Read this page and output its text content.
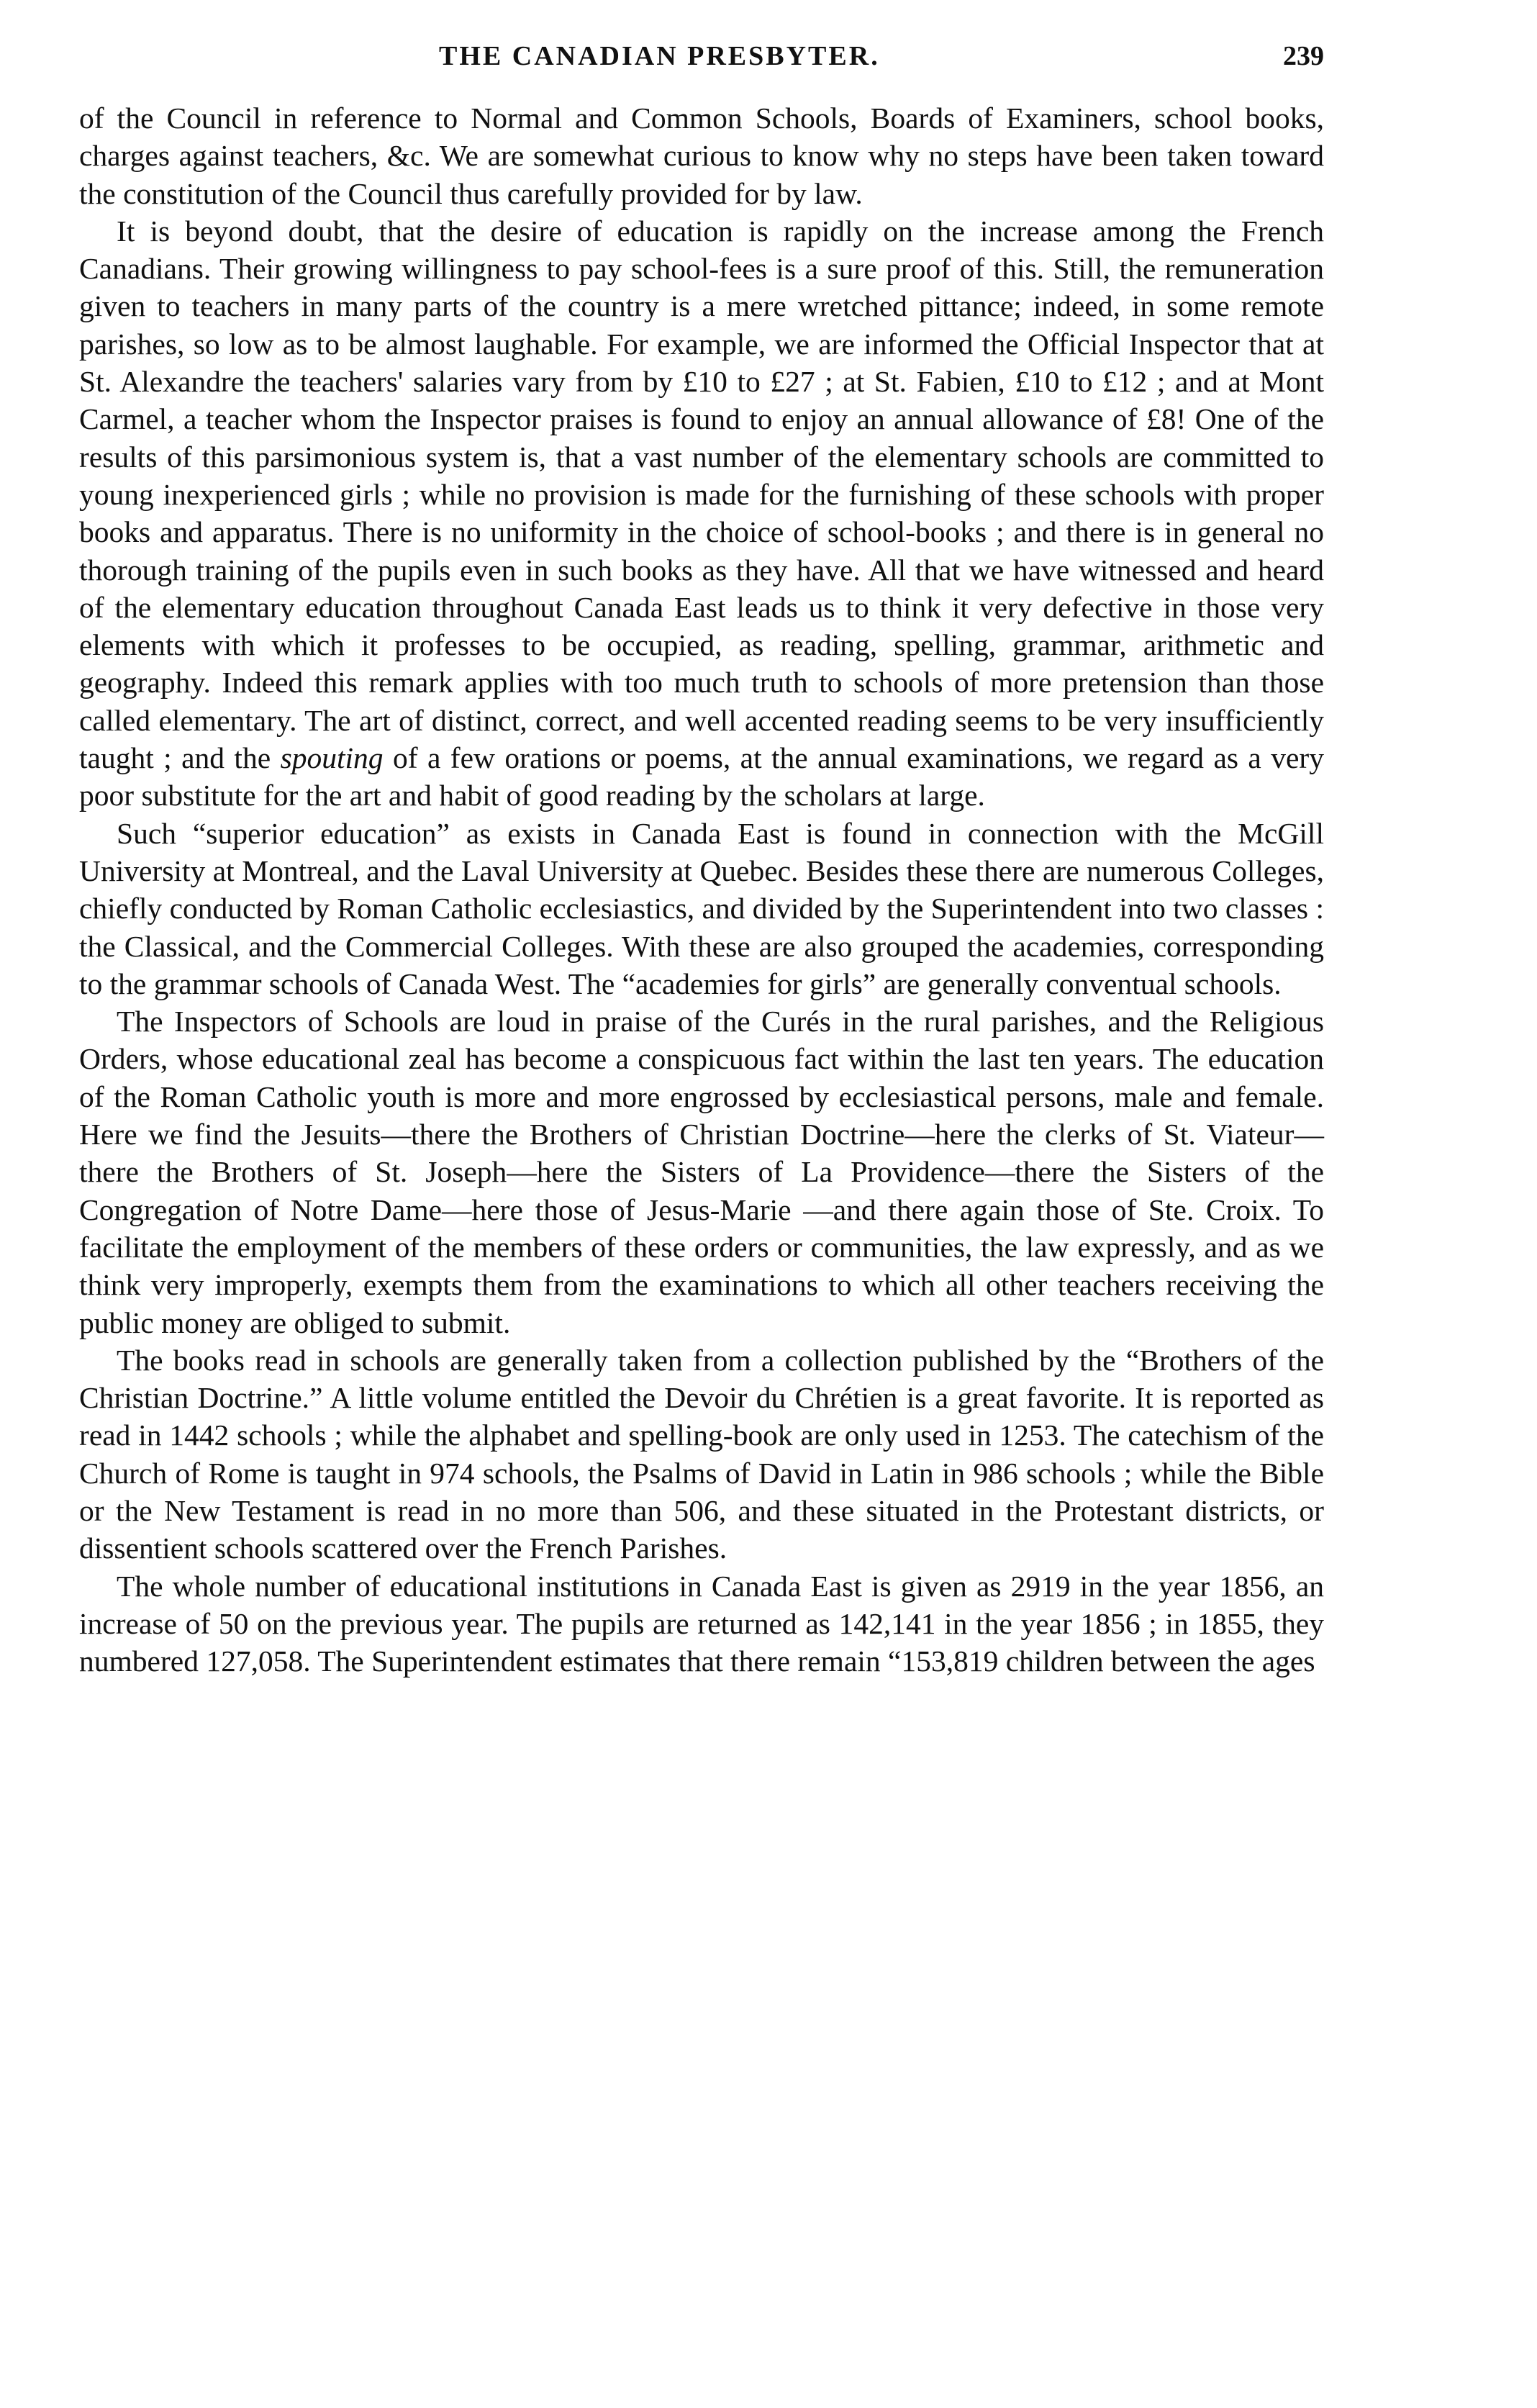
THE CANADIAN PRESBYTER.	239

of the Council in reference to Normal and Common Schools, Boards of Examiners, school books, charges against teachers, &c. We are somewhat curious to know why no steps have been taken toward the constitution of the Council thus carefully provided for by law.

It is beyond doubt, that the desire of education is rapidly on the increase among the French Canadians. Their growing willingness to pay school-fees is a sure proof of this. Still, the remuneration given to teachers in many parts of the country is a mere wretched pittance; indeed, in some remote parishes, so low as to be almost laughable. For example, we are informed the Official Inspector that at St. Alexandre the teachers' salaries vary from by £10 to £27 ; at St. Fabien, £10 to £12 ; and at Mont Carmel, a teacher whom the Inspector praises is found to enjoy an annual allowance of £8! One of the results of this parsimonious system is, that a vast number of the elementary schools are committed to young inexperienced girls ; while no provision is made for the furnishing of these schools with proper books and apparatus. There is no uniformity in the choice of school-books ; and there is in general no thorough training of the pupils even in such books as they have. All that we have witnessed and heard of the elementary education throughout Canada East leads us to think it very defective in those very elements with which it professes to be occupied, as reading, spelling, grammar, arithmetic and geography. Indeed this remark applies with too much truth to schools of more pretension than those called elementary. The art of distinct, correct, and well accented reading seems to be very insufficiently taught ; and the spouting of a few orations or poems, at the annual examinations, we regard as a very poor substitute for the art and habit of good reading by the scholars at large.

Such “superior education” as exists in Canada East is found in connection with the McGill University at Montreal, and the Laval University at Quebec. Besides these there are numerous Colleges, chiefly conducted by Roman Catholic ecclesiastics, and divided by the Superintendent into two classes : the Classical, and the Commercial Colleges. With these are also grouped the academies, corresponding to the grammar schools of Canada West. The “academies for girls” are generally conventual schools.

The Inspectors of Schools are loud in praise of the Curés in the rural parishes, and the Religious Orders, whose educational zeal has become a conspicuous fact within the last ten years. The education of the Roman Catholic youth is more and more engrossed by ecclesiastical persons, male and female. Here we find the Jesuits—there the Brothers of Christian Doctrine—here the clerks of St. Viateur—there the Brothers of St. Joseph—here the Sisters of La Providence—there the Sisters of the Congregation of Notre Dame—here those of Jesus-Marie —and there again those of Ste. Croix. To facilitate the employment of the members of these orders or communities, the law expressly, and as we think very improperly, exempts them from the examinations to which all other teachers receiving the public money are obliged to submit.

The books read in schools are generally taken from a collection published by the “Brothers of the Christian Doctrine.” A little volume entitled the Devoir du Chrétien is a great favorite. It is reported as read in 1442 schools ; while the alphabet and spelling-book are only used in 1253. The catechism of the Church of Rome is taught in 974 schools, the Psalms of David in Latin in 986 schools ; while the Bible or the New Testament is read in no more than 506, and these situated in the Protestant districts, or dissentient schools scattered over the French Parishes.

The whole number of educational institutions in Canada East is given as 2919 in the year 1856, an increase of 50 on the previous year. The pupils are returned as 142,141 in the year 1856 ; in 1855, they numbered 127,058. The Superintendent estimates that there remain “153,819 children between the ages
